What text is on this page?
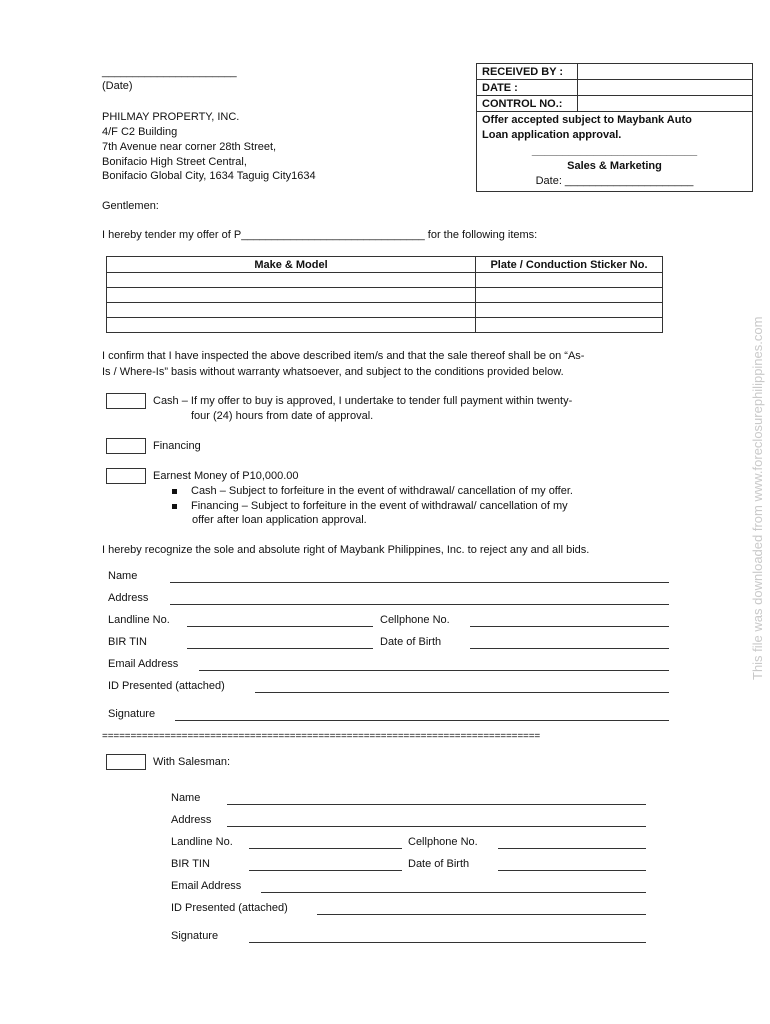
______________________
(Date)
PHILMAY PROPERTY, INC.
4/F C2 Building
7th Avenue near corner 28th Street,
Bonifacio High Street Central,
Bonifacio Global City, 1634 Taguig City1634
RECEIVED BY :	
DATE :	
CONTROL NO.:	

Offer accepted subject to Maybank Auto
Loan application approval.
___________________________
Sales & Marketing
Date: _____________________	
Gentlemen:
I hereby tender my offer of P______________________________ for the following items:
Make & Model	Plate / Conduction Sticker No.

I confirm that I have inspected the above described item/s and that the sale thereof shall be on “As-
Is / Where-Is” basis without warranty whatsoever, and subject to the conditions provided below.
Cash – If my offer to buy is approved, I undertake to tender full payment within twenty-
four (24) hours from date of approval.
Financing
Earnest Money of P10,000.00
Cash – Subject to forfeiture in the event of withdrawal/ cancellation of my offer.
Financing – Subject to forfeiture in the event of withdrawal/ cancellation of my
offer after loan application approval.
I hereby recognize the sole and absolute right of Maybank Philippines, Inc. to reject any and all bids.
Name
Address
Landline No.	Cellphone No.
BIR TIN	Date of Birth
Email Address
ID Presented (attached)
Signature
=============================================================================
With Salesman:
Name
Address
Landline No.	Cellphone No.
BIR TIN	Date of Birth
Email Address
ID Presented (attached)
Signature
This file was downloaded from www.foreclosurephilippines.com
